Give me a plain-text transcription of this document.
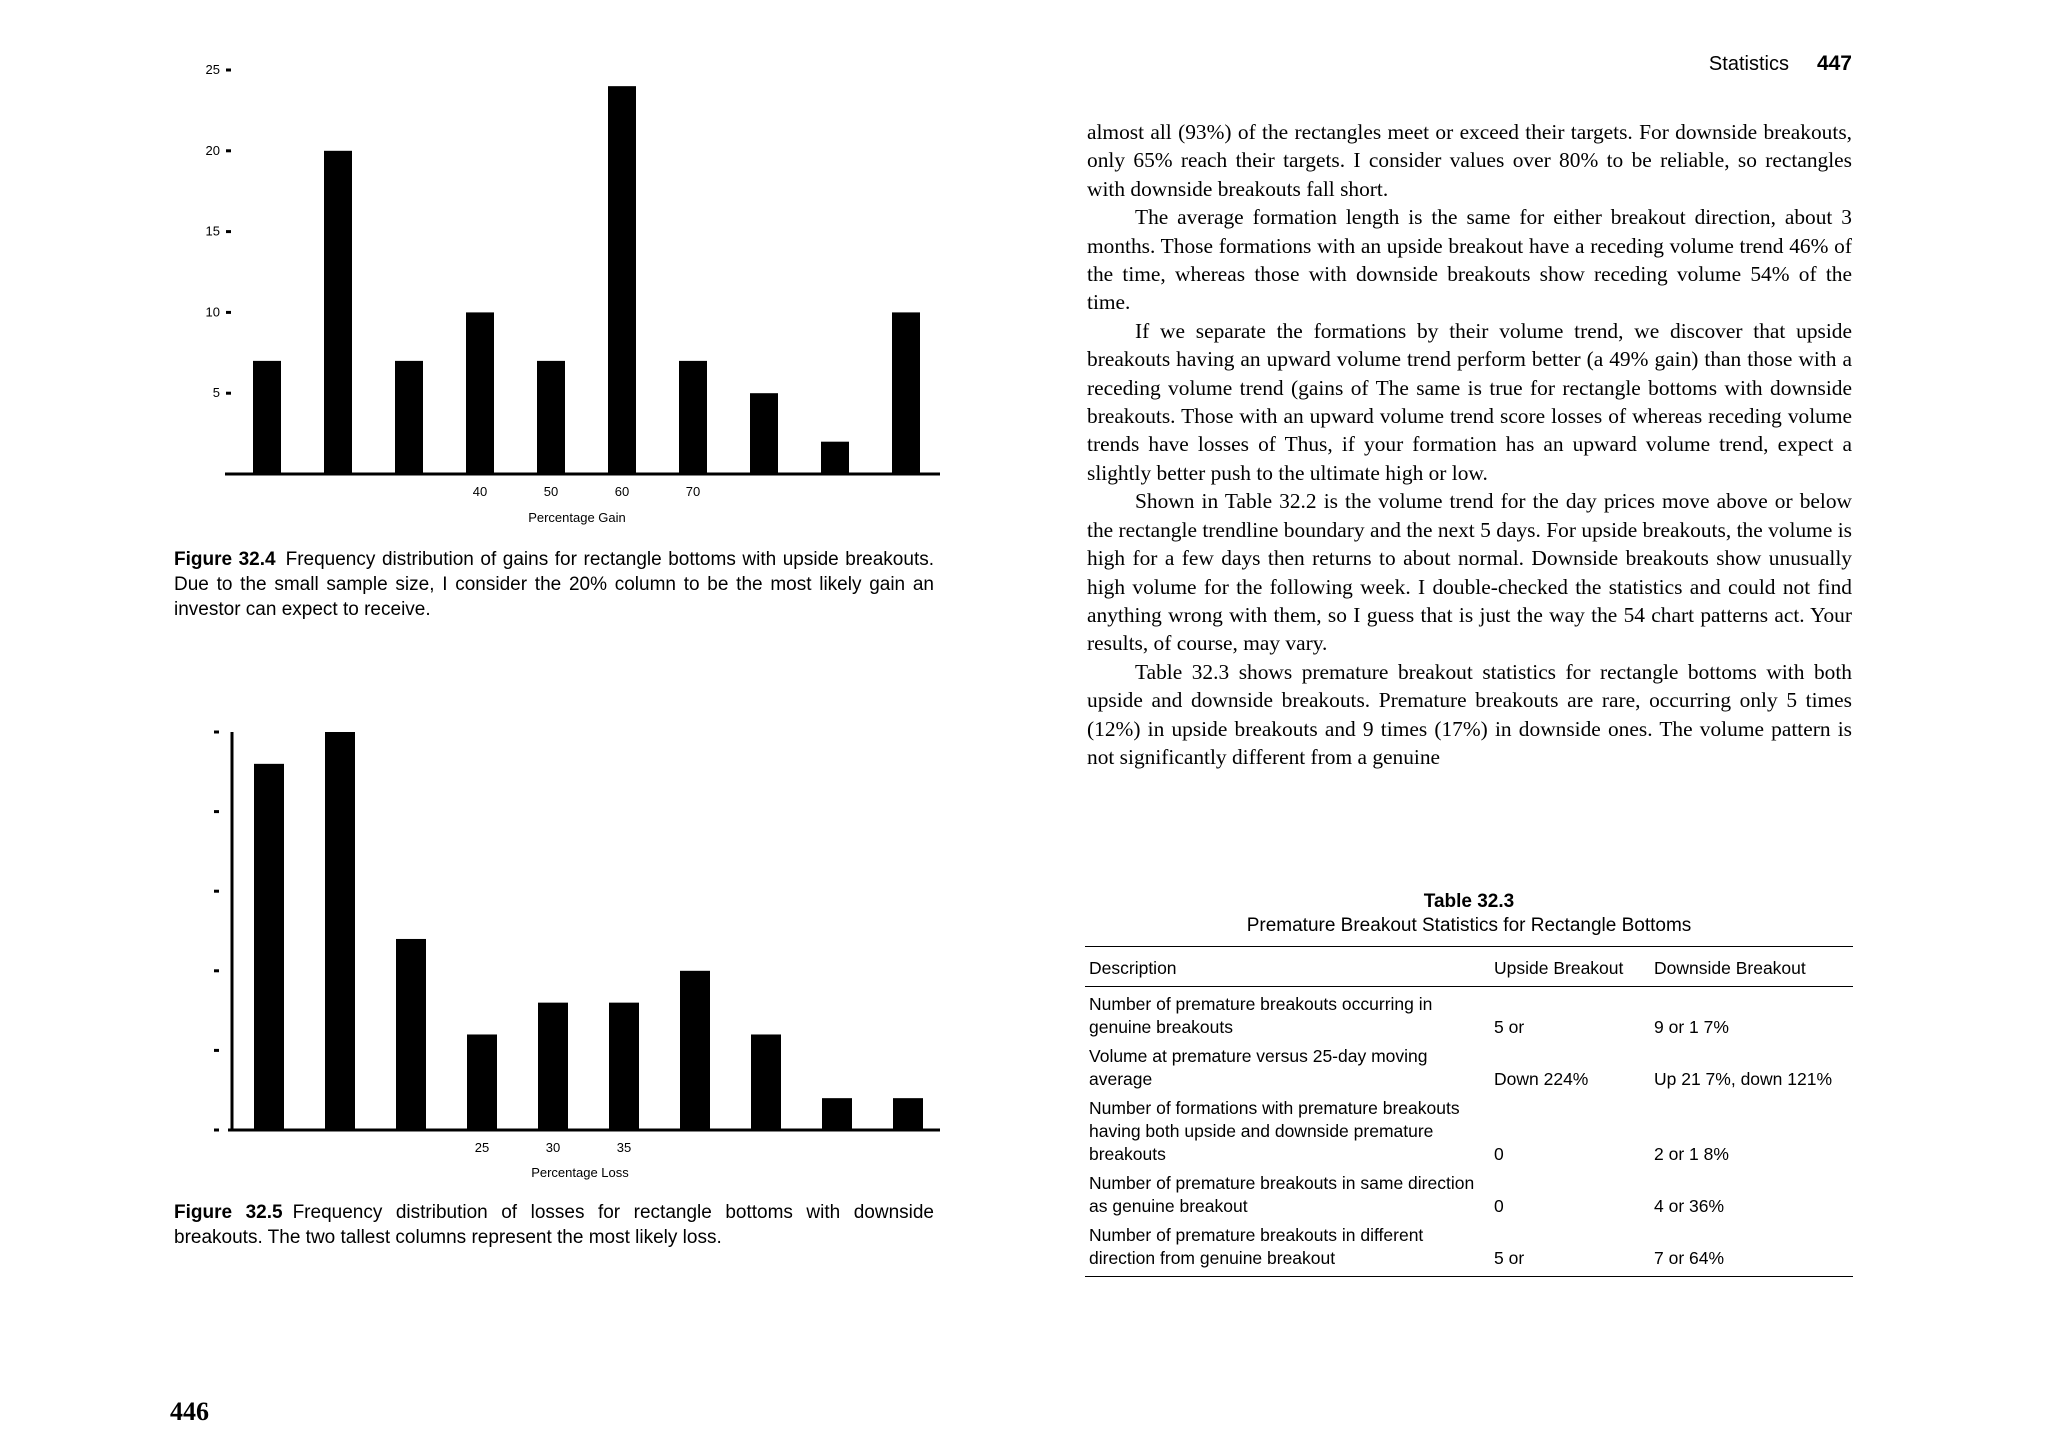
5
10
15
20
25
40	50	60	70
Percentage Gain
Figure 32.4 Frequency distribution of gains for rectangle bottoms with upside breakouts. Due to the small sample size, I consider the 20% column to be the most likely gain an investor can expect to receive.
25	30	35
Percentage Loss
Figure 32.5 Frequency distribution of losses for rectangle bottoms with downside breakouts. The two tallest columns represent the most likely loss.
446
Statistics 447

almost all (93%) of the rectangles meet or exceed their targets. For downside breakouts, only 65% reach their targets. I consider values over 80% to be reliable, so rectangles with downside breakouts fall short.

The average formation length is the same for either breakout direction, about 3 months. Those formations with an upside breakout have a receding volume trend 46% of the time, whereas those with downside breakouts show receding volume 54% of the time.

If we separate the formations by their volume trend, we discover that upside breakouts having an upward volume trend perform better (a 49% gain) than those with a receding volume trend (gains of The same is true for rectangle bottoms with downside breakouts. Those with an upward volume trend score losses of whereas receding volume trends have losses of Thus, if your formation has an upward volume trend, expect a slightly better push to the ultimate high or low.

Shown in Table 32.2 is the volume trend for the day prices move above or below the rectangle trendline boundary and the next 5 days. For upside breakouts, the volume is high for a few days then returns to about normal. Downside breakouts show unusually high volume for the following week. I double-checked the statistics and could not find anything wrong with them, so I guess that is just the way the 54 chart patterns act. Your results, of course, may vary.

Table 32.3 shows premature breakout statistics for rectangle bottoms with both upside and downside breakouts. Premature breakouts are rare, occurring only 5 times (12%) in upside breakouts and 9 times (17%) in downside ones. The volume pattern is not significantly different from a genuine

Table 32.3
Premature Breakout Statistics for Rectangle Bottoms
Description	Upside Breakout	Downside Breakout
Number of premature breakouts occurring in genuine breakouts	5 or	9 or 1 7%
Volume at premature versus 25-day moving average	Down 224%	Up 21 7%, down 121%
Number of formations with premature breakouts having both upside and downside premature breakouts	0	2 or 1 8%
Number of premature breakouts in same direction as genuine breakout	0	4 or 36%
Number of premature breakouts in different direction from genuine breakout	5 or	7 or 64%
